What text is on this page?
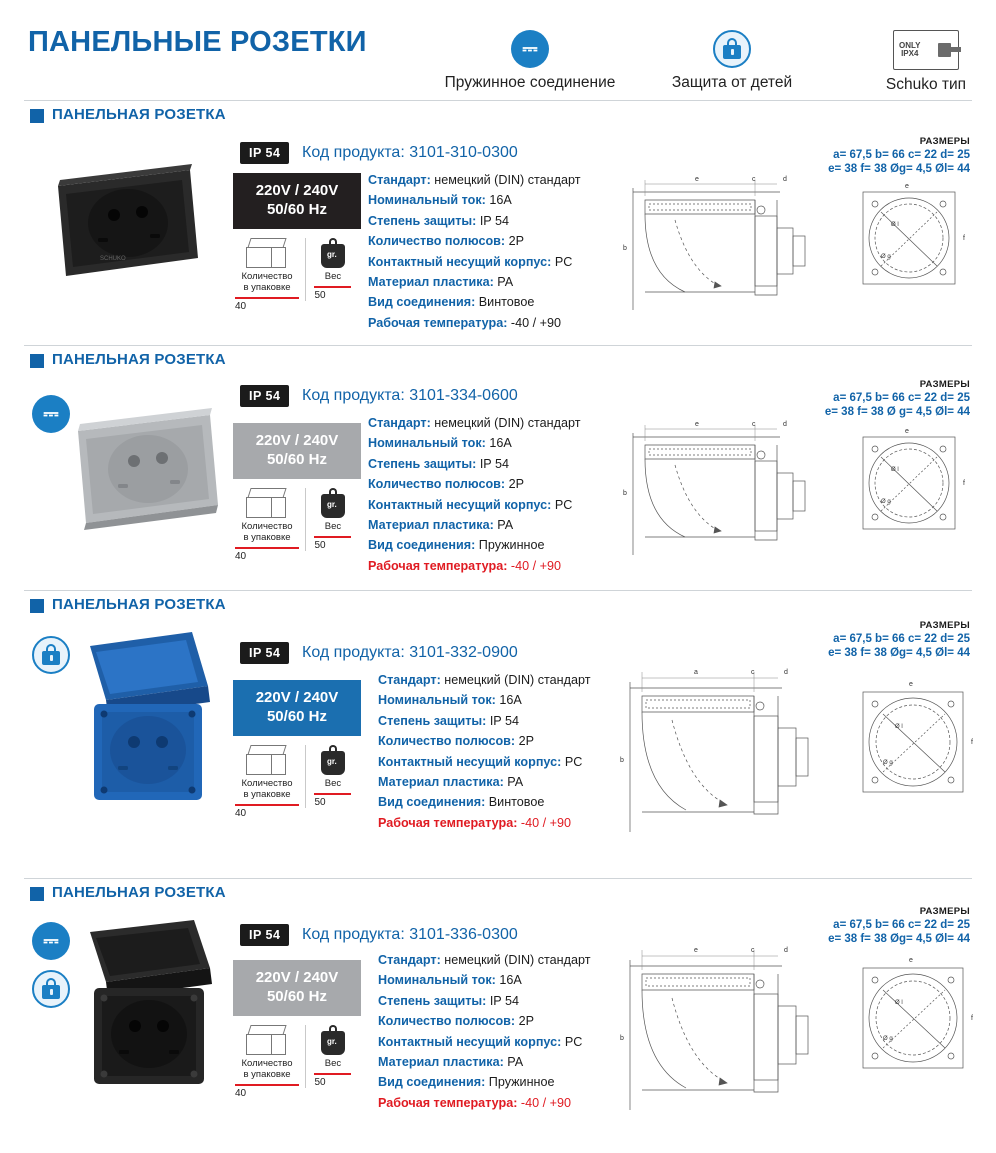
ПАНЕЛЬНЫЕ РОЗЕТКИ	⎓
Пружинное соединение	Защита от детей
ONLY
IPX4
Schuko тип
ПАНЕЛЬНАЯ РОЗЕТКА
SCHUKO
IP 54	Код продукта: 3101-310-0300
220V / 240V
50/60 Hz
Количество
в упаковке
40

gr.
Вес
50
Стандарт: немецкий (DIN) стандарт
Номинальный ток: 16А
Степень защиты: IP 54
Количество полюсов: 2P
Контактный несущий корпус: PC
Материал пластика: PA
Вид соединения: Винтовое
Рабочая температура: -40 / +90
РАЗМЕРЫ
a= 67,5 b= 66 c= 22 d= 25
e= 38 f= 38 Øg= 4,5 Øl= 44
e	c	d
b
e
f
Ø l
Ø g
ПАНЕЛЬНАЯ РОЗЕТКА
⎓
IP 54	Код продукта: 3101-334-0600
220V / 240V
50/60 Hz
Количество
в упаковке
40

gr.
Вес
50
Стандарт: немецкий (DIN) стандарт
Номинальный ток: 16А
Степень защиты: IP 54
Количество полюсов: 2P
Контактный несущий корпус: PC
Материал пластика: PA
Вид соединения: Пружинное
Рабочая температура: -40 / +90
РАЗМЕРЫ
a= 67,5 b= 66 c= 22 d= 25
e= 38 f= 38 Ø g= 4,5 Øl= 44
e	c	d
b
e
f
Ø l
Ø g
ПАНЕЛЬНАЯ РОЗЕТКА
IP 54	Код продукта: 3101-332-0900
220V / 240V
50/60 Hz
Количество
в упаковке
40

gr.
Вес
50
Стандарт: немецкий (DIN) стандарт
Номинальный ток: 16А
Степень защиты: IP 54
Количество полюсов: 2P
Контактный несущий корпус: PC
Материал пластика: PA
Вид соединения: Винтовое
Рабочая температура: -40 / +90
РАЗМЕРЫ
a= 67,5 b= 66 c= 22 d= 25
e= 38 f= 38 Øg= 4,5 Øl= 44
a	c	d
b
e
f
Ø l
Ø g
ПАНЕЛЬНАЯ РОЗЕТКА
⎓
	IP 54	Код продукта: 3101-336-0300
220V / 240V
50/60 Hz
Количество
в упаковке
40

gr.
Вес
50
Стандарт: немецкий (DIN) стандарт
Номинальный ток: 16А
Степень защиты: IP 54
Количество полюсов: 2P
Контактный несущий корпус: PC
Материал пластика: PA
Вид соединения: Пружинное
Рабочая температура: -40 / +90
РАЗМЕРЫ
a= 67,5 b= 66 c= 22 d= 25
e= 38 f= 38 Øg= 4,5 Øl= 44
e	c	d
b
e
f
Ø l
Ø g
